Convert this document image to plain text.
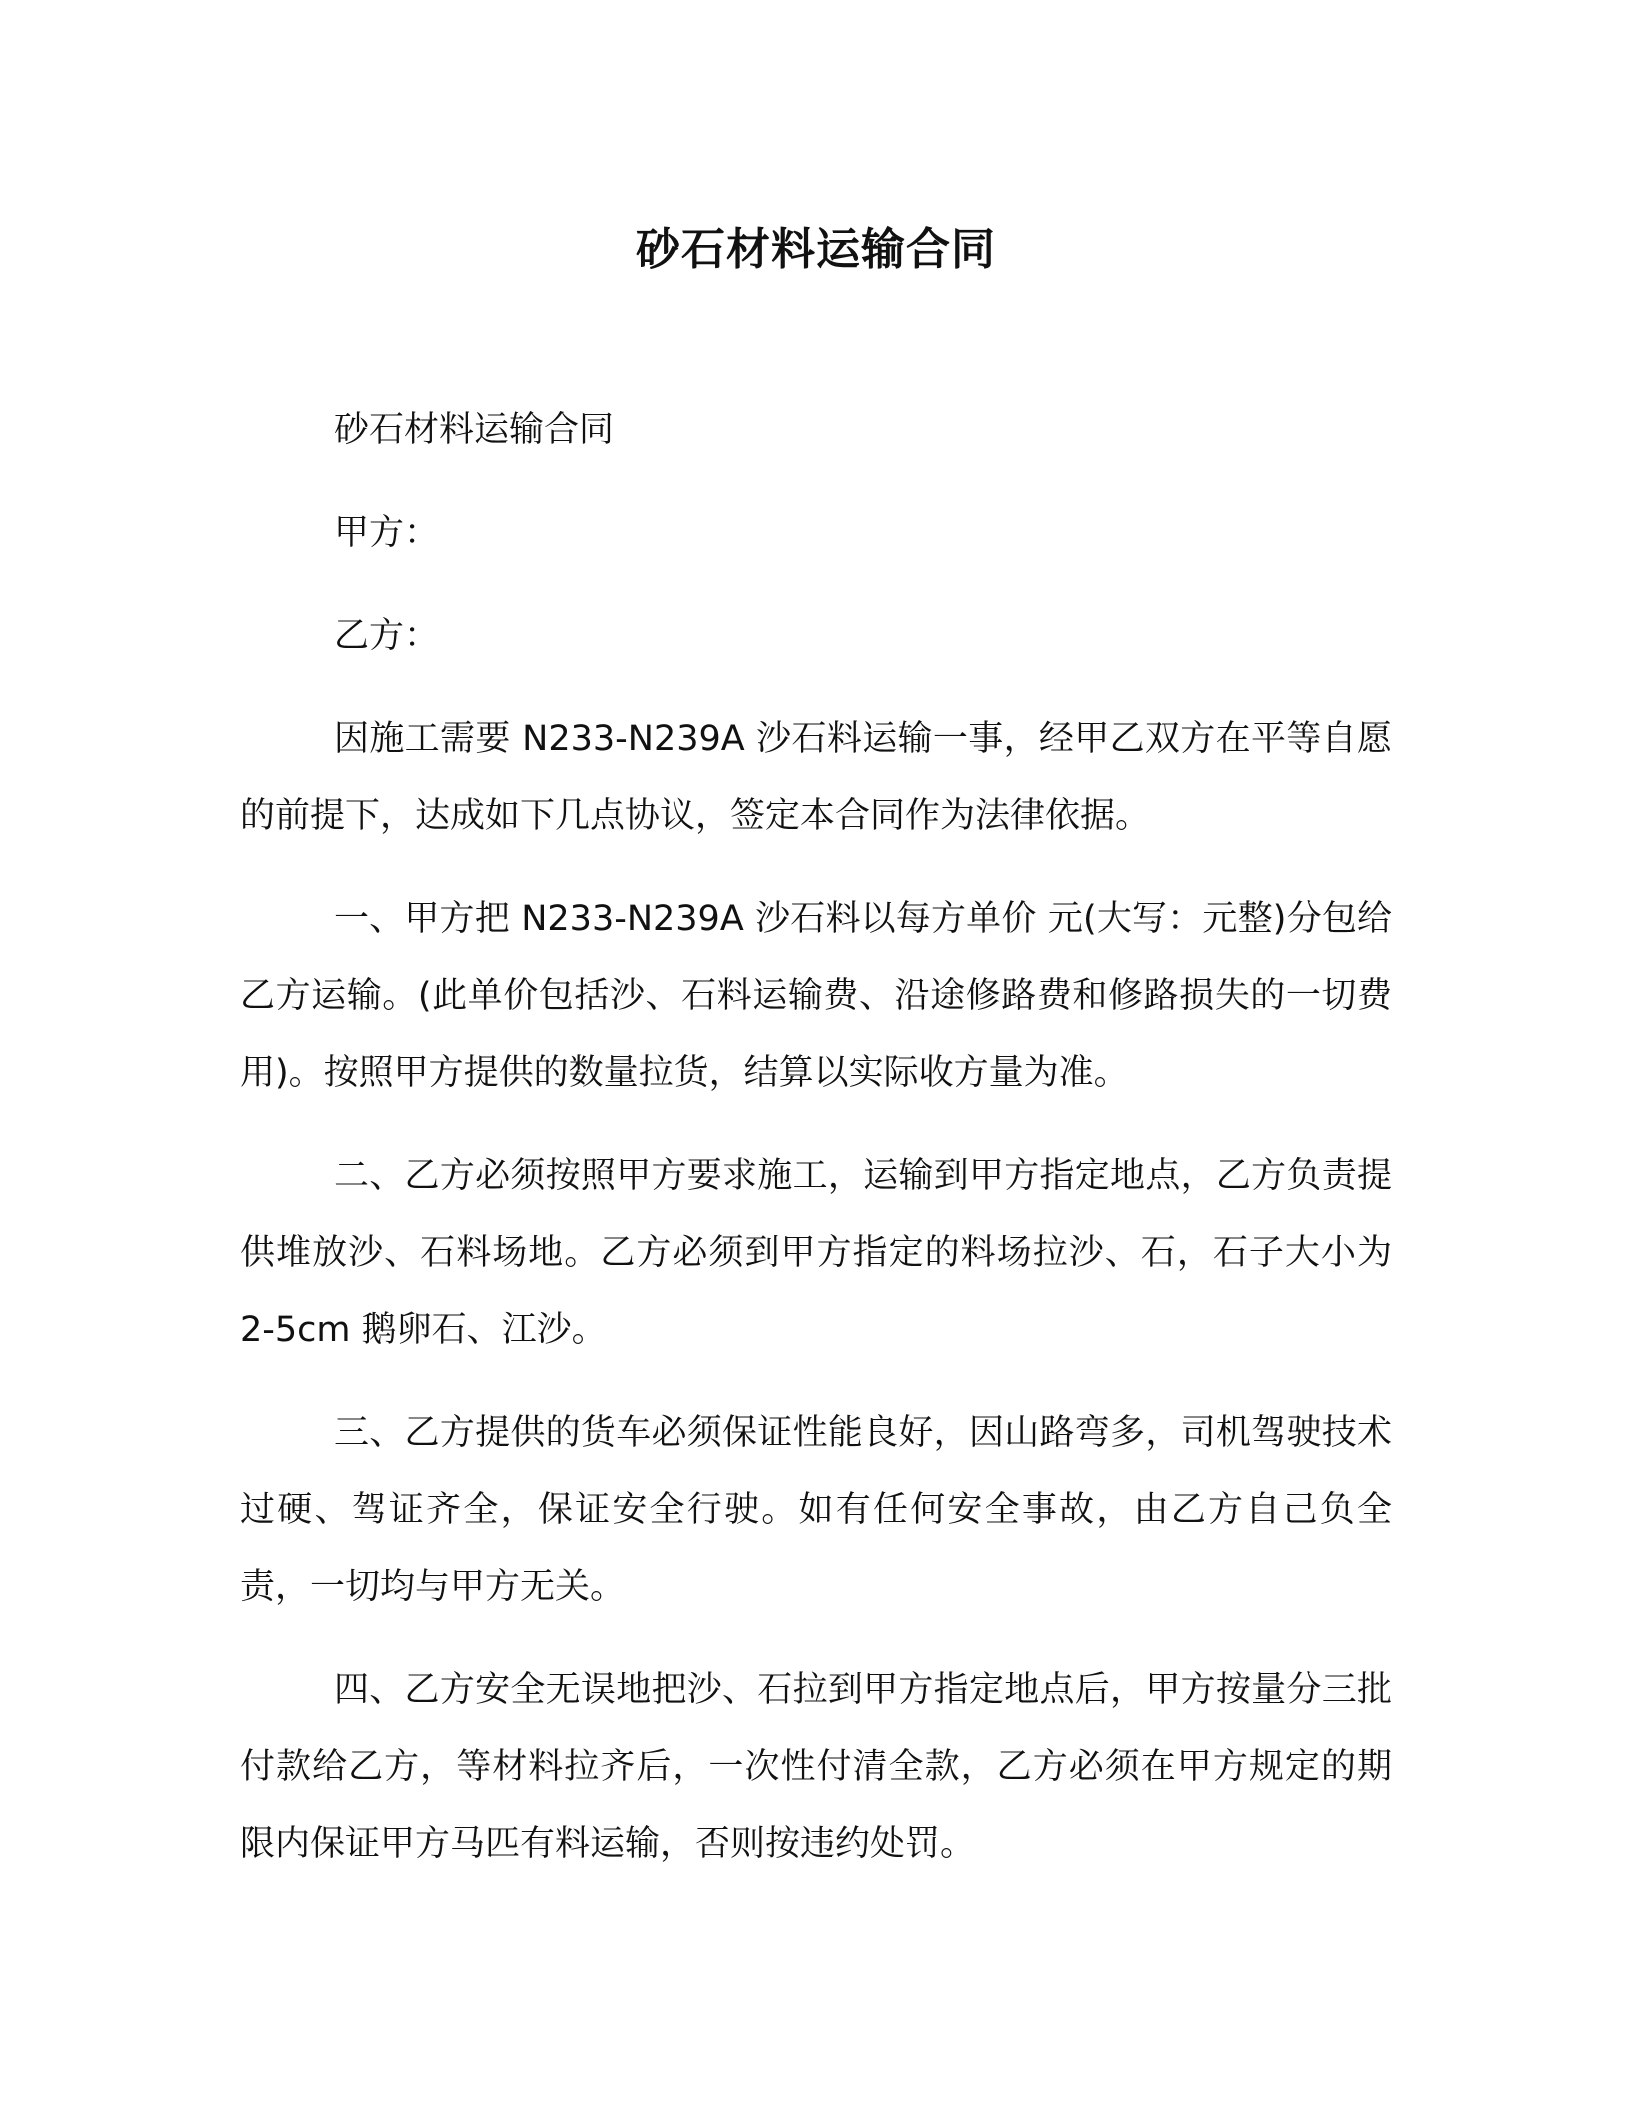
砂石材料运输合同

砂石材料运输合同

甲方：

乙方：

因施工需要 N233-N239A 沙石料运输一事，经甲乙双方在平等自愿的前提下，达成如下几点协议，签定本合同作为法律依据。

一、甲方把 N233-N239A 沙石料以每方单价 元(大写：元整)分包给乙方运输。(此单价包括沙、石料运输费、沿途修路费和修路损失的一切费用)。按照甲方提供的数量拉货，结算以实际收方量为准。

二、乙方必须按照甲方要求施工，运输到甲方指定地点，乙方负责提供堆放沙、石料场地。乙方必须到甲方指定的料场拉沙、石，石子大小为 2-5cm 鹅卵石、江沙。

三、乙方提供的货车必须保证性能良好，因山路弯多，司机驾驶技术过硬、驾证齐全，保证安全行驶。如有任何安全事故，由乙方自己负全责，一切均与甲方无关。

四、乙方安全无误地把沙、石拉到甲方指定地点后，甲方按量分三批付款给乙方，等材料拉齐后，一次性付清全款，乙方必须在甲方规定的期限内保证甲方马匹有料运输，否则按违约处罚。
